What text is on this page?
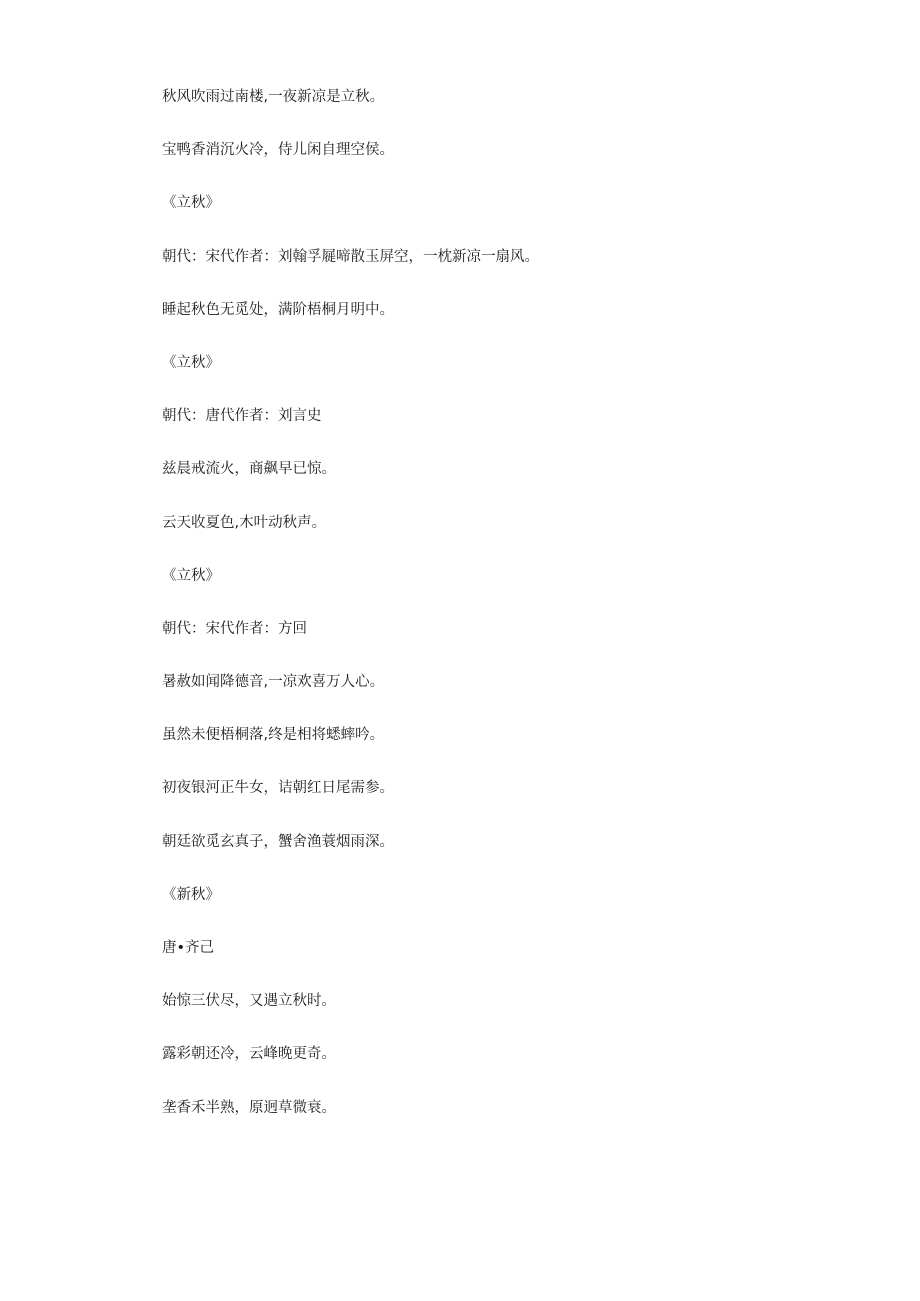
秋风吹雨过南楼,一夜新凉是立秋。
宝鸭香消沉火冷，侍儿闲自理空侯。
《立秋》
朝代：宋代作者：刘翰孚屣啼散玉屏空，一枕新凉一扇风。
睡起秋色无觅处，满阶梧桐月明中。
《立秋》
朝代：唐代作者：刘言史
兹晨戒流火，商飙早已惊。
云天收夏色,木叶动秋声。
《立秋》
朝代：宋代作者：方回
暑赦如闻降德音,一凉欢喜万人心。
虽然未便梧桐落,终是相将蟋蟀吟。
初夜银河正牛女，诘朝红日尾需参。
朝廷欲觅玄真子，蟹舍渔蓑烟雨深。
《新秋》
唐•齐己
始惊三伏尽，又遇立秋时。
露彩朝还冷，云峰晚更奇。
垄香禾半熟，原迥草微衰。
